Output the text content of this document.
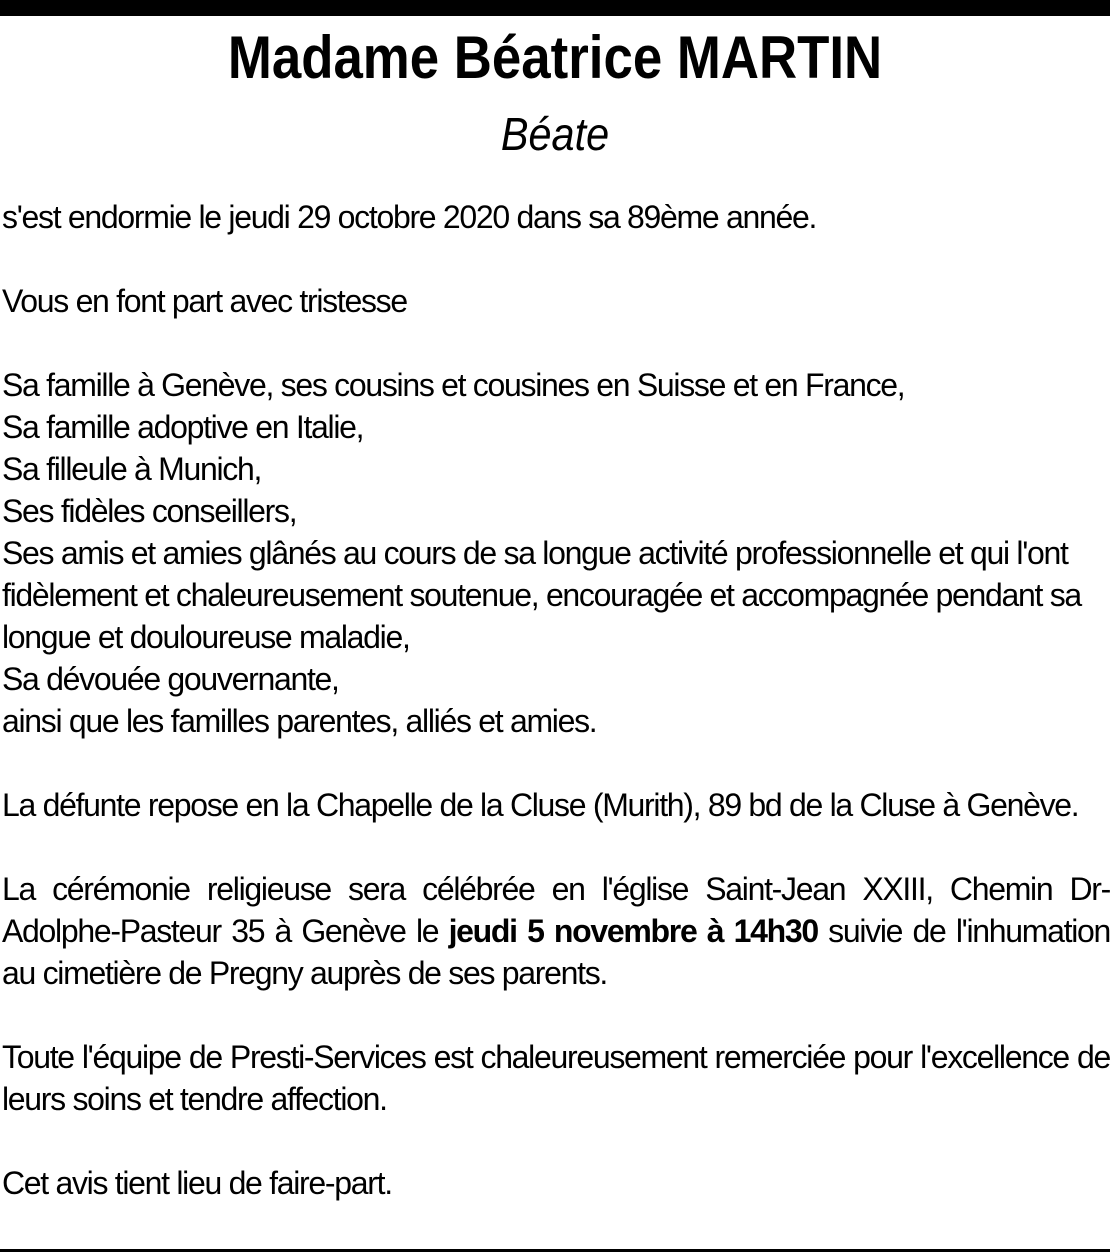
Madame Béatrice MARTIN
Béate

s'est endormie le jeudi 29 octobre 2020 dans sa 89ème année.

Vous en font part avec tristesse

Sa famille à Genève, ses cousins et cousines en Suisse et en France,
Sa famille adoptive en Italie,
Sa filleule à Munich,
Ses fidèles conseillers,
Ses amis et amies glânés au cours de sa longue activité professionnelle et qui l'ont fidèlement et chaleureusement soutenue, encouragée et accompagnée pendant sa longue et douloureuse maladie,
Sa dévouée gouvernante,
ainsi que les familles parentes, alliés et amies.

La défunte repose en la Chapelle de la Cluse (Murith), 89 bd de la Cluse à Genève.

La cérémonie religieuse sera célébrée en l'église Saint-Jean XXIII, Chemin Dr-Adolphe-Pasteur 35 à Genève le jeudi 5 novembre à 14h30 suivie de l'inhumation au cimetière de Pregny auprès de ses parents.

Toute l'équipe de Presti-Services est chaleureusement remerciée pour l'excellence de leurs soins et tendre affection.

Cet avis tient lieu de faire-part.
